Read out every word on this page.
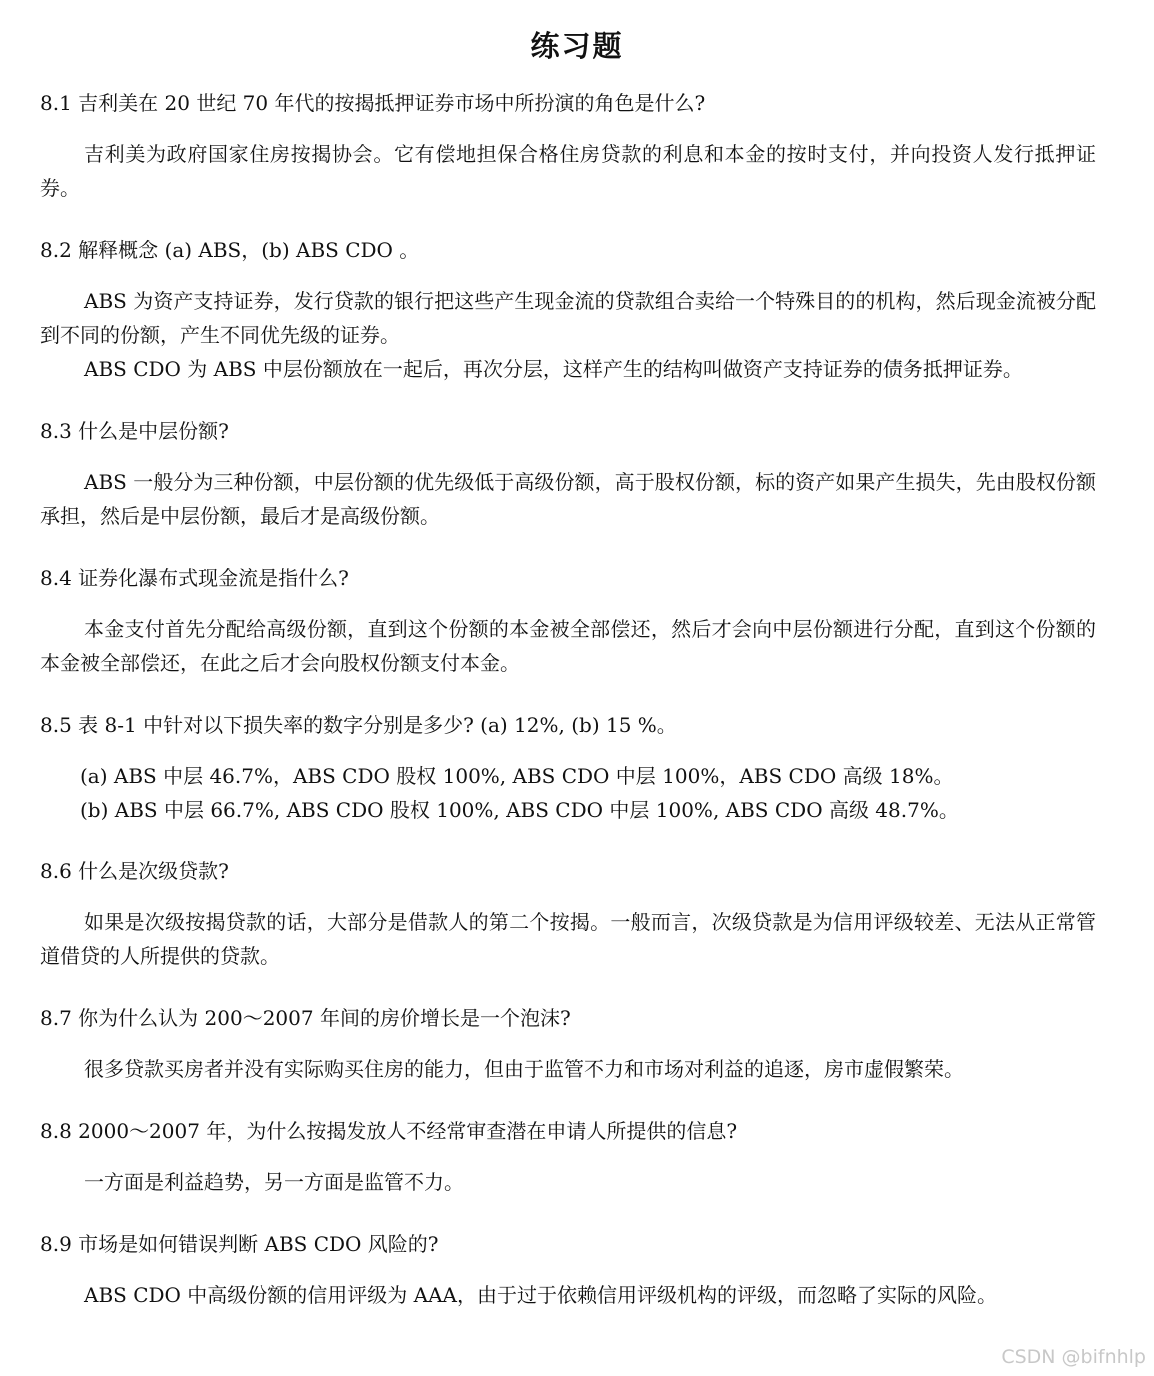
练习题

8.1 吉利美在 20 世纪 70 年代的按揭抵押证券市场中所扮演的角色是什么?

吉利美为政府国家住房按揭协会。它有偿地担保合格住房贷款的利息和本金的按时支付，并向投资人发行抵押证券。

8.2 解释概念 (a) ABS，(b) ABS CDO 。

ABS 为资产支持证券，发行贷款的银行把这些产生现金流的贷款组合卖给一个特殊目的的机构，然后现金流被分配到不同的份额，产生不同优先级的证券。

ABS CDO 为 ABS 中层份额放在一起后，再次分层，这样产生的结构叫做资产支持证券的债务抵押证券。

8.3 什么是中层份额?

ABS 一般分为三种份额，中层份额的优先级低于高级份额，高于股权份额，标的资产如果产生损失，先由股权份额承担，然后是中层份额，最后才是高级份额。

8.4 证券化瀑布式现金流是指什么?

本金支付首先分配给高级份额，直到这个份额的本金被全部偿还，然后才会向中层份额进行分配，直到这个份额的本金被全部偿还，在此之后才会向股权份额支付本金。

8.5 表 8-1 中针对以下损失率的数字分别是多少? (a) 12%, (b) 15 %。

(a) ABS 中层 46.7%，ABS CDO 股权 100%, ABS CDO 中层 100%，ABS CDO 高级 18%。

(b) ABS 中层 66.7%, ABS CDO 股权 100%, ABS CDO 中层 100%, ABS CDO 高级 48.7%。

8.6 什么是次级贷款?

如果是次级按揭贷款的话，大部分是借款人的第二个按揭。一般而言，次级贷款是为信用评级较差、无法从正常管道借贷的人所提供的贷款。

8.7 你为什么认为 200～2007 年间的房价增长是一个泡沫?

很多贷款买房者并没有实际购买住房的能力，但由于监管不力和市场对利益的追逐，房市虚假繁荣。

8.8 2000～2007 年，为什么按揭发放人不经常审查潜在申请人所提供的信息?

一方面是利益趋势，另一方面是监管不力。

8.9 市场是如何错误判断 ABS CDO 风险的?

ABS CDO 中高级份额的信用评级为 AAA，由于过于依赖信用评级机构的评级，而忽略了实际的风险。

CSDN @bifnhlp
